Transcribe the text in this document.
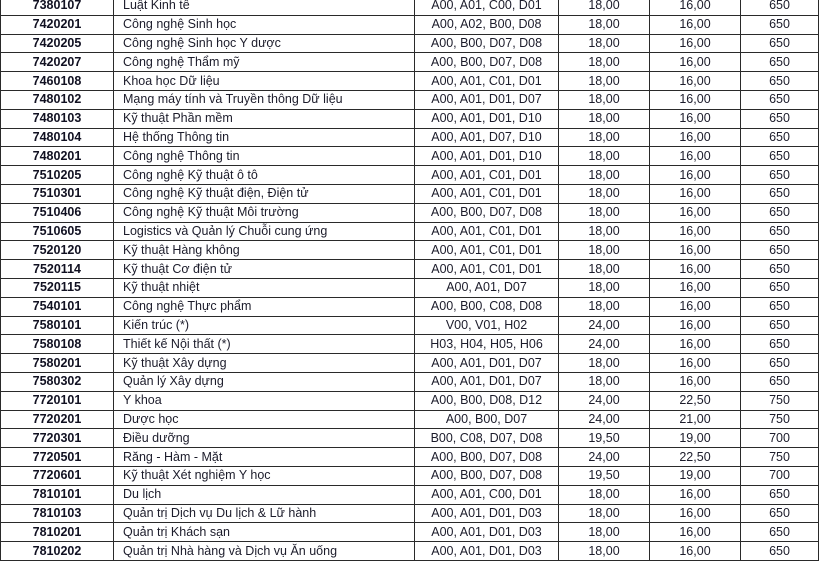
7380107	Luật Kinh tế	A00, A01, C00, D01	18,00	16,00	650
7420201	Công nghệ Sinh học	A00, A02, B00, D08	18,00	16,00	650
7420205	Công nghệ Sinh học Y dược	A00, B00, D07, D08	18,00	16,00	650
7420207	Công nghệ Thẩm mỹ	A00, B00, D07, D08	18,00	16,00	650
7460108	Khoa học Dữ liệu	A00, A01, C01, D01	18,00	16,00	650
7480102	Mạng máy tính và Truyền thông Dữ liệu	A00, A01, D01, D07	18,00	16,00	650
7480103	Kỹ thuật Phần mềm	A00, A01, D01, D10	18,00	16,00	650
7480104	Hệ thống Thông tin	A00, A01, D07, D10	18,00	16,00	650
7480201	Công nghệ Thông tin	A00, A01, D01, D10	18,00	16,00	650
7510205	Công nghệ Kỹ thuật ô tô	A00, A01, C01, D01	18,00	16,00	650
7510301	Công nghệ Kỹ thuật điện, Điện tử	A00, A01, C01, D01	18,00	16,00	650
7510406	Công nghệ Kỹ thuật Môi trường	A00, B00, D07, D08	18,00	16,00	650
7510605	Logistics và Quản lý Chuỗi cung ứng	A00, A01, C01, D01	18,00	16,00	650
7520120	Kỹ thuật Hàng không	A00, A01, C01, D01	18,00	16,00	650
7520114	Kỹ thuật Cơ điện tử	A00, A01, C01, D01	18,00	16,00	650
7520115	Kỹ thuật nhiệt	A00, A01, D07	18,00	16,00	650
7540101	Công nghệ Thực phẩm	A00, B00, C08, D08	18,00	16,00	650
7580101	Kiến trúc (*)	V00, V01, H02	24,00	16,00	650
7580108	Thiết kế Nội thất (*)	H03, H04, H05, H06	24,00	16,00	650
7580201	Kỹ thuật Xây dựng	A00, A01, D01, D07	18,00	16,00	650
7580302	Quản lý Xây dựng	A00, A01, D01, D07	18,00	16,00	650
7720101	Y khoa	A00, B00, D08, D12	24,00	22,50	750
7720201	Dược học	A00, B00, D07	24,00	21,00	750
7720301	Điều dưỡng	B00, C08, D07, D08	19,50	19,00	700
7720501	Răng - Hàm - Mặt	A00, B00, D07, D08	24,00	22,50	750
7720601	Kỹ thuật Xét nghiệm Y học	A00, B00, D07, D08	19,50	19,00	700
7810101	Du lịch	A00, A01, C00, D01	18,00	16,00	650
7810103	Quản trị Dịch vụ Du lịch & Lữ hành	A00, A01, D01, D03	18,00	16,00	650
7810201	Quản trị Khách sạn	A00, A01, D01, D03	18,00	16,00	650
7810202	Quản trị Nhà hàng và Dịch vụ Ăn uống	A00, A01, D01, D03	18,00	16,00	650
